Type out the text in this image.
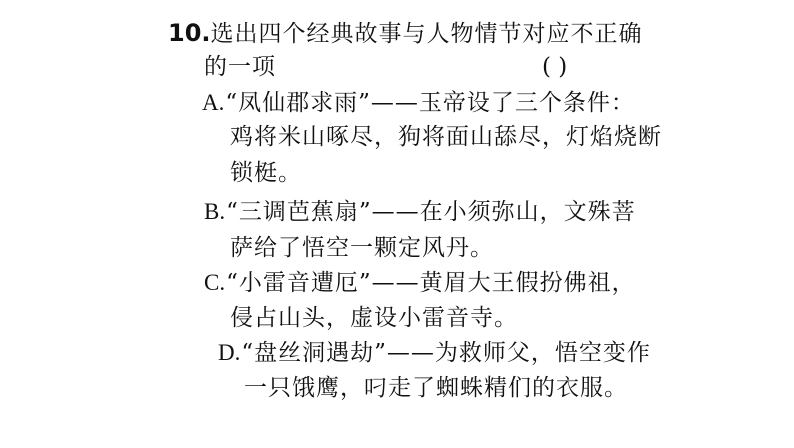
10.选出四个经典故事与人物情节对应不正确
的一项	( )
A.“凤仙郡求雨”——玉帝设了三个条件：
鸡将米山啄尽，狗将面山舔尽，灯焰烧断
锁梃。
B.“三调芭蕉扇”——在小须弥山，文殊菩
萨给了悟空一颗定风丹。
C.“小雷音遭厄”——黄眉大王假扮佛祖，
侵占山头，虚设小雷音寺。
D.“盘丝洞遇劫”——为救师父，悟空变作
一只饿鹰，叼走了蜘蛛精们的衣服。
